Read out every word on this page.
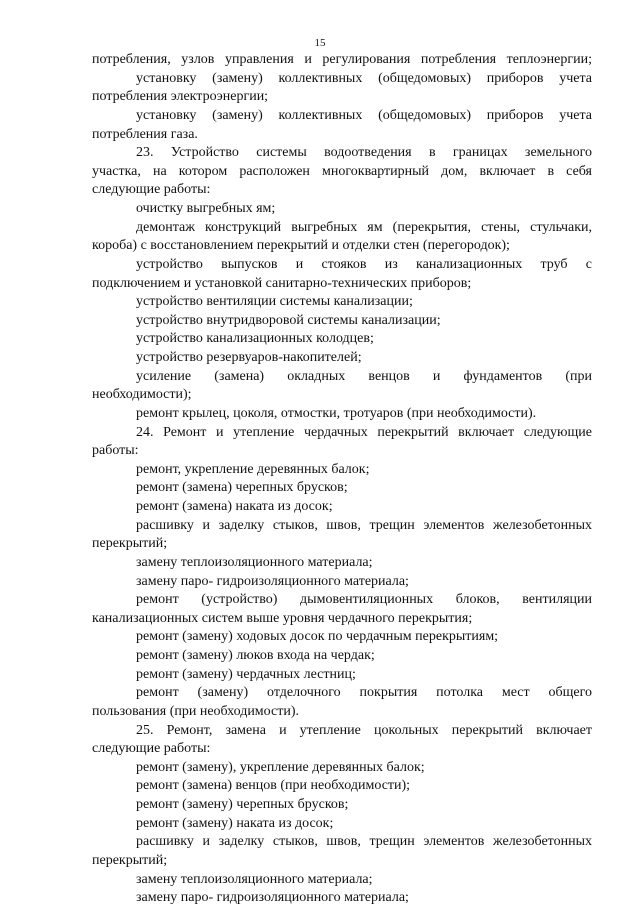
15
потребления, узлов управления и регулирования потребления теплоэнергии;
установку (замену) коллективных (общедомовых) приборов учета
потребления электроэнергии;
установку (замену) коллективных (общедомовых) приборов учета
потребления газа.
23. Устройство системы водоотведения в границах земельного
участка, на котором расположен многоквартирный дом, включает в себя
следующие работы:
очистку выгребных ям;
демонтаж конструкций выгребных ям (перекрытия, стены, стульчаки,
короба) с восстановлением перекрытий и отделки стен (перегородок);
устройство выпусков и стояков из канализационных труб с
подключением и установкой санитарно-технических приборов;
устройство вентиляции системы канализации;
устройство внутридворовой системы канализации;
устройство канализационных колодцев;
устройство резервуаров-накопителей;
усиление (замена) окладных венцов и фундаментов (при
необходимости);
ремонт крылец, цоколя, отмостки, тротуаров (при необходимости).
24. Ремонт и утепление чердачных перекрытий включает следующие
работы:
ремонт, укрепление деревянных балок;
ремонт (замена) черепных брусков;
ремонт (замена) наката из досок;
расшивку и заделку стыков, швов, трещин элементов железобетонных
перекрытий;
замену теплоизоляционного материала;
замену паро- гидроизоляционного материала;
ремонт (устройство) дымовентиляционных блоков, вентиляции
канализационных систем выше уровня чердачного перекрытия;
ремонт (замену) ходовых досок по чердачным перекрытиям;
ремонт (замену) люков входа на чердак;
ремонт (замену) чердачных лестниц;
ремонт (замену) отделочного покрытия потолка мест общего
пользования (при необходимости).
25. Ремонт, замена и утепление цокольных перекрытий включает
следующие работы:
ремонт (замену), укрепление деревянных балок;
ремонт (замена) венцов (при необходимости);
ремонт (замену) черепных брусков;
ремонт (замену) наката из досок;
расшивку и заделку стыков, швов, трещин элементов железобетонных
перекрытий;
замену теплоизоляционного материала;
замену паро- гидроизоляционного материала;
